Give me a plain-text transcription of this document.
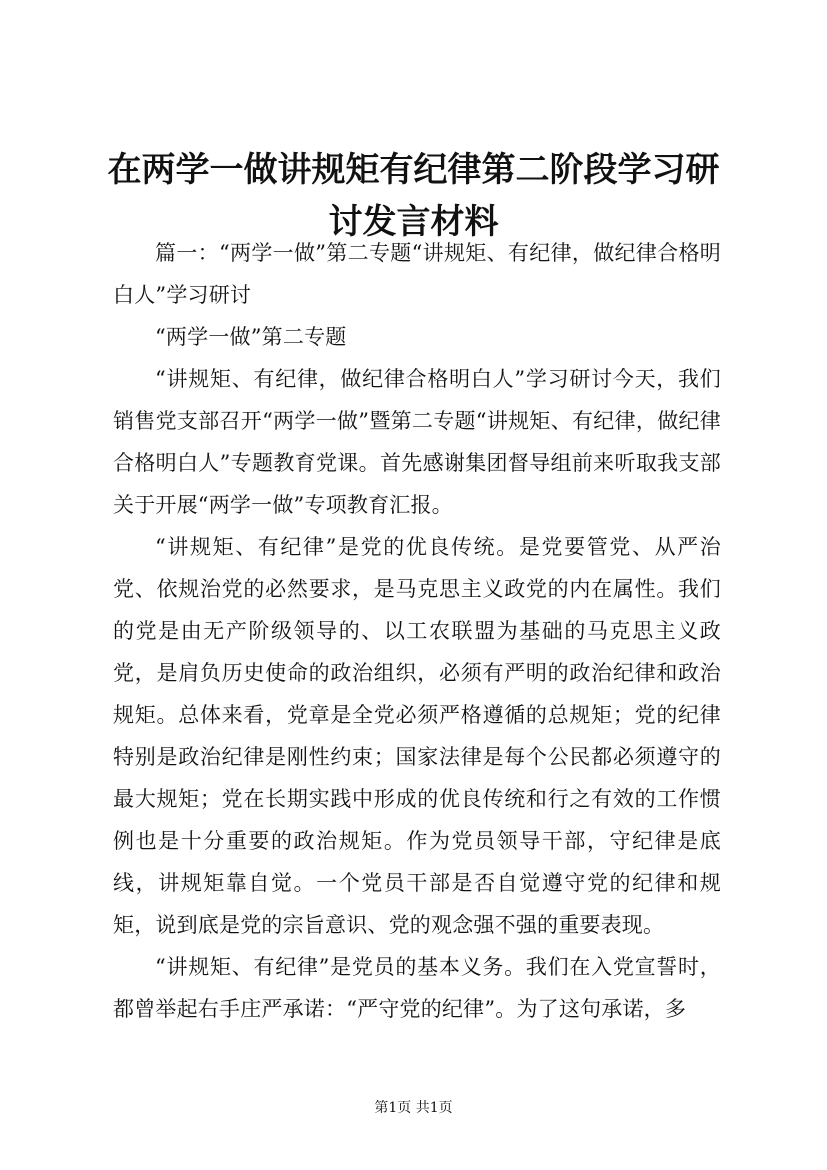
在两学一做讲规矩有纪律第二阶段学习研讨发言材料

篇一：“两学一做”第二专题“讲规矩、有纪律，做纪律合格明白人”学习研讨

“两学一做”第二专题

“讲规矩、有纪律，做纪律合格明白人”学习研讨今天，我们销售党支部召开“两学一做”暨第二专题“讲规矩、有纪律，做纪律合格明白人”专题教育党课。首先感谢集团督导组前来听取我支部关于开展“两学一做”专项教育汇报。

“讲规矩、有纪律”是党的优良传统。是党要管党、从严治党、依规治党的必然要求，是马克思主义政党的内在属性。我们的党是由无产阶级领导的、以工农联盟为基础的马克思主义政党，是肩负历史使命的政治组织，必须有严明的政治纪律和政治规矩。总体来看，党章是全党必须严格遵循的总规矩；党的纪律特别是政治纪律是刚性约束；国家法律是每个公民都必须遵守的最大规矩；党在长期实践中形成的优良传统和行之有效的工作惯例也是十分重要的政治规矩。作为党员领导干部，守纪律是底线，讲规矩靠自觉。一个党员干部是否自觉遵守党的纪律和规矩，说到底是党的宗旨意识、党的观念强不强的重要表现。

“讲规矩、有纪律”是党员的基本义务。我们在入党宣誓时，都曾举起右手庄严承诺：“严守党的纪律”。为了这句承诺，多

第1页 共1页
